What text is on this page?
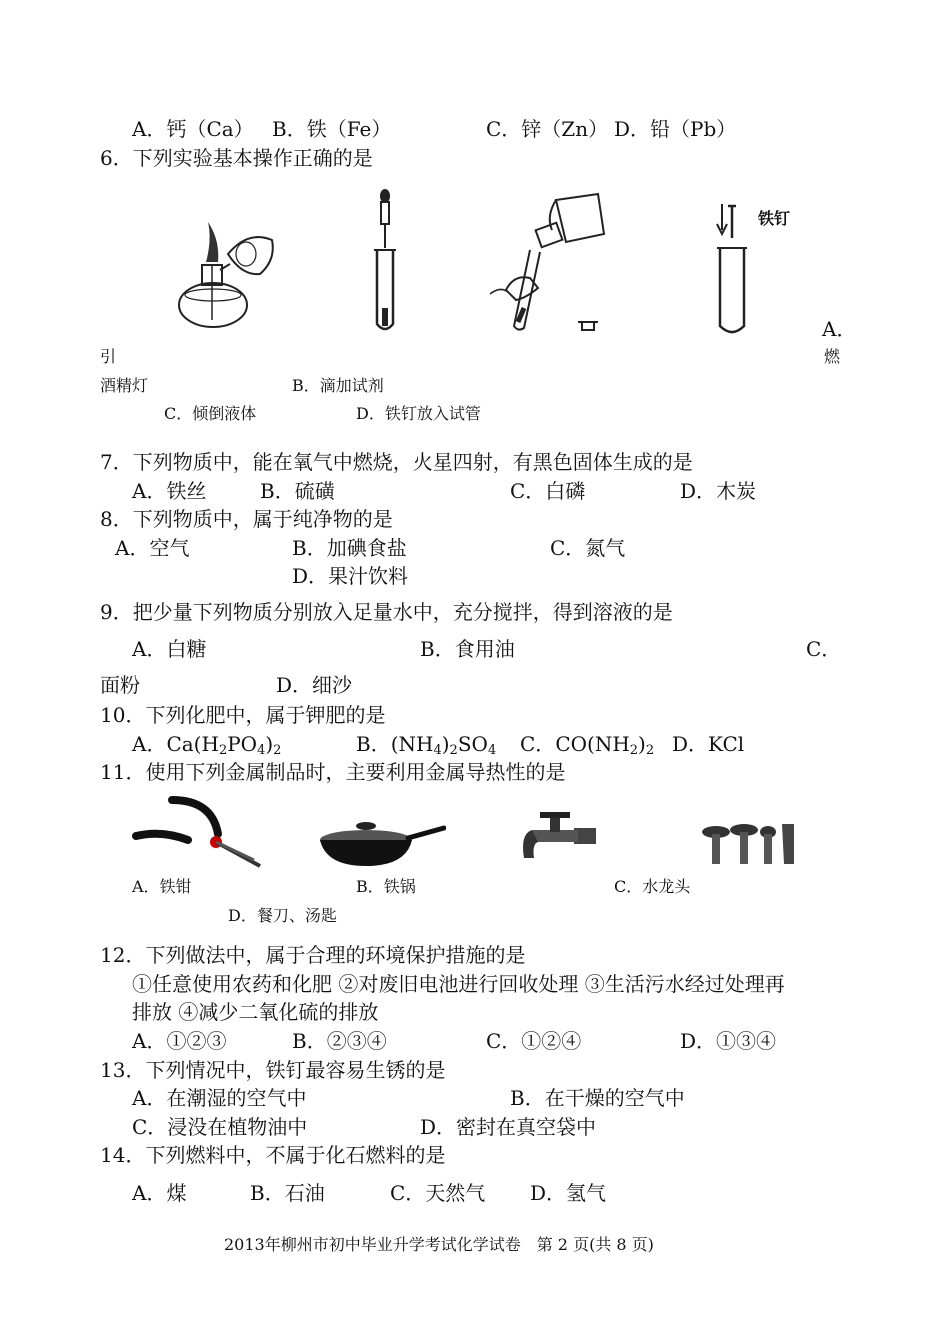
A．钙（Ca） B．铁（Fe）	C．锌（Zn） D．铅（Pb）
6．下列实验基本操作正确的是
铁钉
A．
引	燃
酒精灯	B．滴加试剂
C．倾倒液体	D．铁钉放入试管
7．下列物质中，能在氧气中燃烧，火星四射，有黑色固体生成的是
A．铁丝	B．硫磺	C．白磷	D．木炭
8．下列物质中，属于纯净物的是
A．空气	B．加碘食盐	C．氮气
D．果汁饮料
9．把少量下列物质分别放入足量水中，充分搅拌，得到溶液的是
A．白糖	B．食用油	C．
面粉	D．细沙
10．下列化肥中，属于钾肥的是
A．$Ca(H_2PO_4)_2$	B．$(NH_4)_2SO_4$ C．$CO(NH_2)_2$ D．KCl
11．使用下列金属制品时，主要利用金属导热性的是
A．铁钳	B．铁锅	C．水龙头
D．餐刀、汤匙
12．下列做法中，属于合理的环境保护措施的是
①任意使用农药和化肥 ②对废旧电池进行回收处理 ③生活污水经过处理再
排放 ④减少二氧化硫的排放
A．①②③	B．②③④	C．①②④	D．①③④
13．下列情况中，铁钉最容易生锈的是
A．在潮湿的空气中	B．在干燥的空气中
C．浸没在植物油中	D．密封在真空袋中
14．下列燃料中，不属于化石燃料的是
A．煤	B．石油	C．天然气 D．氢气
2013年柳州市初中毕业升学考试化学试卷　第 2 页(共 8 页)
